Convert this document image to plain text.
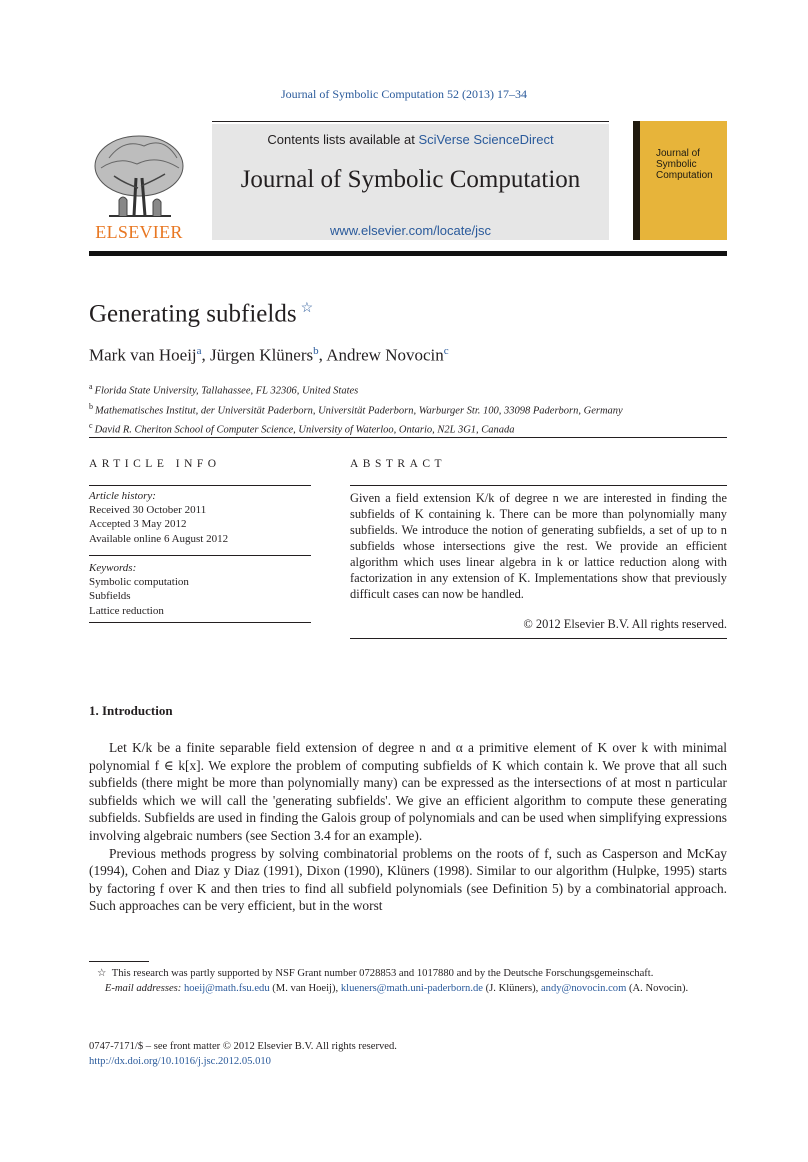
Journal of Symbolic Computation 52 (2013) 17–34
ELSEVIER
Contents lists available at SciVerse ScienceDirect
Journal of Symbolic Computation
www.elsevier.com/locate/jsc
Journal of Symbolic Computation
Generating subfields ☆
Mark van Hoeij$^a$, Jürgen Klüners$^b$, Andrew Novocin$^c$
$^a$ Florida State University, Tallahassee, FL 32306, United States
$^b$ Mathematisches Institut, der Universität Paderborn, Universität Paderborn, Warburger Str. 100, 33098 Paderborn, Germany
$^c$ David R. Cheriton School of Computer Science, University of Waterloo, Ontario, N2L 3G1, Canada
ARTICLE INFO
Article history:
Received 30 October 2011
Accepted 3 May 2012
Available online 6 August 2012
Keywords:
Symbolic computation
Subfields
Lattice reduction
ABSTRACT
Given a field extension K/k of degree n we are interested in finding the subfields of K containing k. There can be more than polynomially many subfields. We introduce the notion of generating subfields, a set of up to n subfields whose intersections give the rest. We provide an efficient algorithm which uses linear algebra in k or lattice reduction along with factorization in any extension of K. Implementations show that previously difficult cases can now be handled.
© 2012 Elsevier B.V. All rights reserved.
1. Introduction

Let K/k be a finite separable field extension of degree n and α a primitive element of K over k with minimal polynomial f ∈ k[x]. We explore the problem of computing subfields of K which contain k. We prove that all such subfields (there might be more than polynomially many) can be expressed as the intersections of at most n particular subfields which we will call the 'generating subfields'. We give an efficient algorithm to compute these generating subfields. Subfields are used in finding the Galois group of polynomials and can be used when simplifying expressions involving algebraic numbers (see Section 3.4 for an example).

Previous methods progress by solving combinatorial problems on the roots of f, such as Casperson and McKay (1994), Cohen and Diaz y Diaz (1991), Dixon (1990), Klüners (1998). Similar to our algorithm (Hulpke, 1995) starts by factoring f over K and then tries to find all subfield polynomials (see Definition 5) by a combinatorial approach. Such approaches can be very efficient, but in the worst

☆ This research was partly supported by NSF Grant number 0728853 and 1017880 and by the Deutsche Forschungsgemeinschaft.

E-mail addresses: hoeij@math.fsu.edu (M. van Hoeij), klueners@math.uni-paderborn.de (J. Klüners), andy@novocin.com (A. Novocin).

0747-7171/$ – see front matter © 2012 Elsevier B.V. All rights reserved.
http://dx.doi.org/10.1016/j.jsc.2012.05.010
